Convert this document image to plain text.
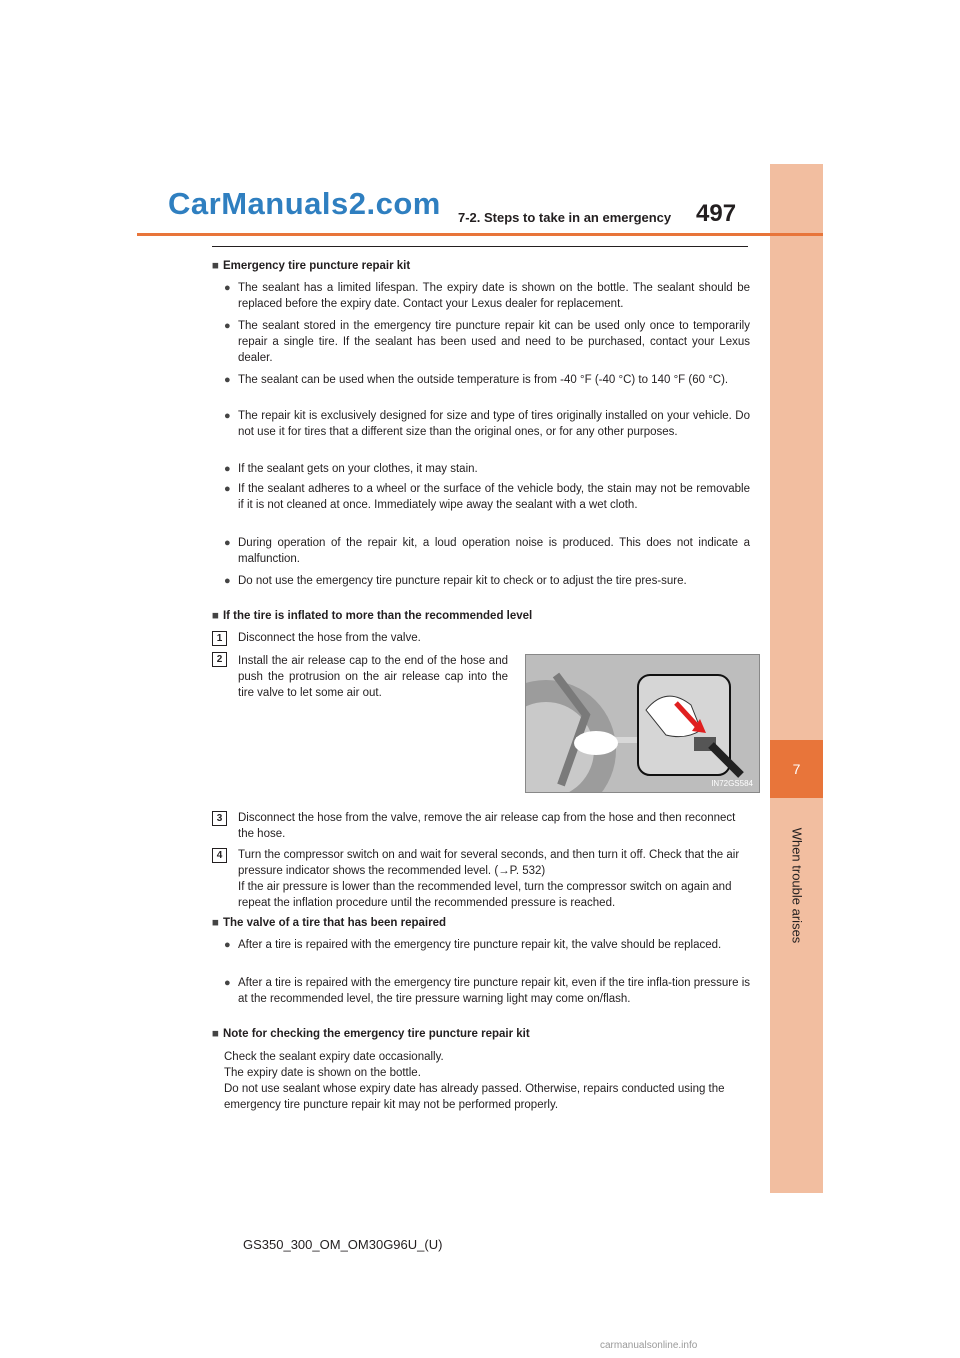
7
When trouble arises
CarManuals2.com 7-2. Steps to take in an emergency 497
■ Emergency tire puncture repair kit
● The sealant has a limited lifespan. The expiry date is shown on the bottle. The sealant should be replaced before the expiry date. Contact your Lexus dealer for replacement.
● The sealant stored in the emergency tire puncture repair kit can be used only once to temporarily repair a single tire. If the sealant has been used and need to be purchased, contact your Lexus dealer.
● The sealant can be used when the outside temperature is from -40 °F (-40 °C) to 140 °F (60 °C).
● The repair kit is exclusively designed for size and type of tires originally installed on your vehicle. Do not use it for tires that a different size than the original ones, or for any other purposes.
● If the sealant gets on your clothes, it may stain.
● If the sealant adheres to a wheel or the surface of the vehicle body, the stain may not be removable if it is not cleaned at once. Immediately wipe away the sealant with a wet cloth.
● During operation of the repair kit, a loud operation noise is produced. This does not indicate a malfunction.
● Do not use the emergency tire puncture repair kit to check or to adjust the tire pres-sure.
■ If the tire is inflated to more than the recommended level
1	Disconnect the hose from the valve.
2	Install the air release cap to the end of the hose and push the protrusion on the air release cap into the tire valve to let some air out.
IN72GS584
3	Disconnect the hose from the valve, remove the air release cap from the hose and then reconnect the hose.
4	Turn the compressor switch on and wait for several seconds, and then turn it off. Check that the air pressure indicator shows the recommended level. (→P. 532)
If the air pressure is lower than the recommended level, turn the compressor switch on again and repeat the inflation procedure until the recommended pressure is reached.
■ The valve of a tire that has been repaired
● After a tire is repaired with the emergency tire puncture repair kit, the valve should be replaced.
● After a tire is repaired with the emergency tire puncture repair kit, even if the tire infla-tion pressure is at the recommended level, the tire pressure warning light may come on/flash.
■ Note for checking the emergency tire puncture repair kit
Check the sealant expiry date occasionally.
The expiry date is shown on the bottle.
Do not use sealant whose expiry date has already passed. Otherwise, repairs conducted using the emergency tire puncture repair kit may not be performed properly.
GS350_300_OM_OM30G96U_(U)
carmanualsonline.info
